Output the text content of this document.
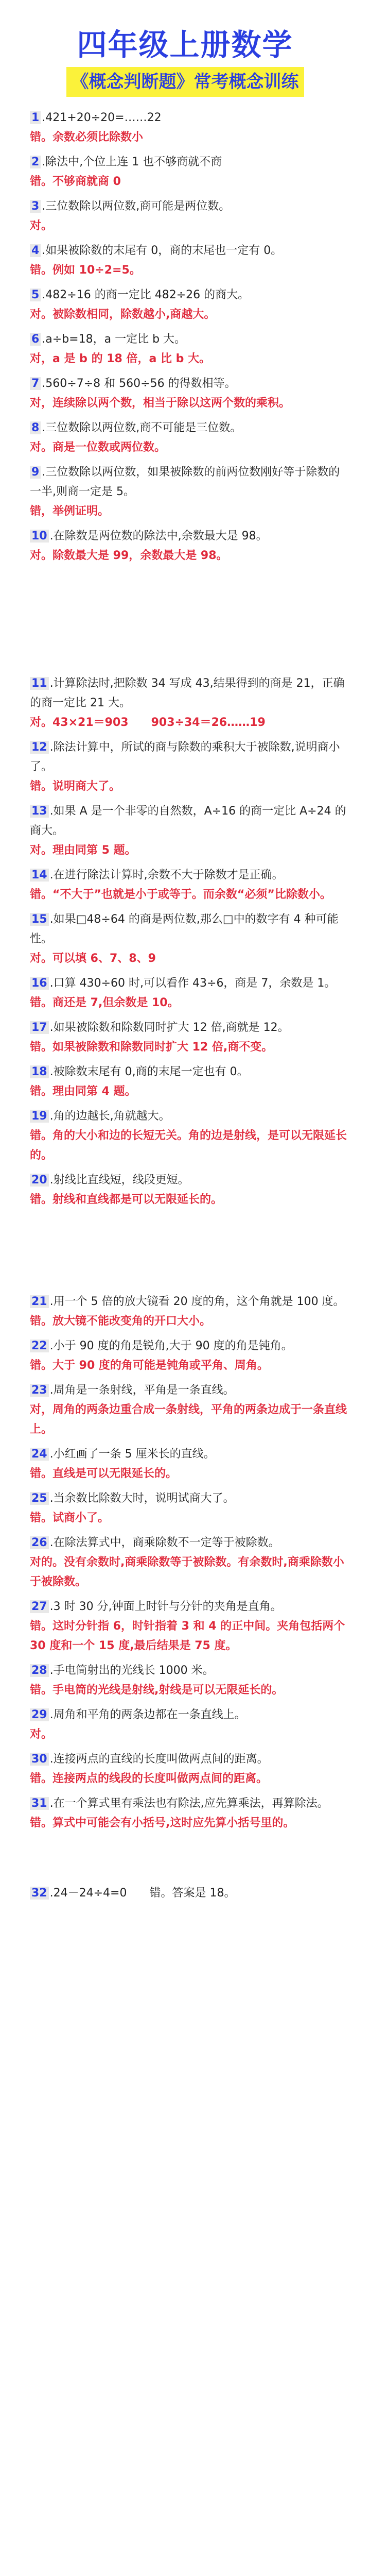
四年级上册数学
《概念判断题》常考概念训练

1 .421+20÷20=……22

错。余数必须比除数小

2 .除法中,个位上连 1 也不够商就不商

错。不够商就商 0

3 .三位数除以两位数,商可能是两位数。

对。

4 .如果被除数的末尾有 0，商的末尾也一定有 0。

错。例如 10÷2=5。

5 .482÷16 的商一定比 482÷26 的商大。

对。被除数相同，除数越小,商越大。

6 .a÷b=18，a 一定比 b 大。

对，a 是 b 的 18 倍，a 比 b 大。

7 .560÷7÷8 和 560÷56 的得数相等。

对，连续除以两个数，相当于除以这两个数的乘积。

8 .三位数除以两位数,商不可能是三位数。

对。商是一位数或两位数。

9 .三位数除以两位数，如果被除数的前两位数刚好等于除数的一半,则商一定是 5。

错，举例证明。

10 .在除数是两位数的除法中,余数最大是 98。

对。除数最大是 99，余数最大是 98。

11 .计算除法时,把除数 34 写成 43,结果得到的商是 21，正确的商一定比 21 大。

对。43×21＝903　　903÷34＝26……19

12 .除法计算中，所试的商与除数的乘积大于被除数,说明商小了。

错。说明商大了。

13 .如果 A 是一个非零的自然数，A÷16 的商一定比 A÷24 的商大。

对。理由同第 5 题。

14 .在进行除法计算时,余数不大于除数才是正确。

错。“不大于”也就是小于或等于。而余数“必须”比除数小。

15 .如果□48÷64 的商是两位数,那么□中的数字有 4 种可能性。

对。可以填 6、7、8、9

16 .口算 430÷60 时,可以看作 43÷6，商是 7，余数是 1。

错。商还是 7,但余数是 10。

17 .如果被除数和除数同时扩大 12 倍,商就是 12。

错。如果被除数和除数同时扩大 12 倍,商不变。

18 .被除数末尾有 0,商的末尾一定也有 0。

错。理由同第 4 题。

19 .角的边越长,角就越大。

错。角的大小和边的长短无关。角的边是射线，是可以无限延长的。

20 .射线比直线短，线段更短。

错。射线和直线都是可以无限延长的。

21 .用一个 5 倍的放大镜看 20 度的角，这个角就是 100 度。

错。放大镜不能改变角的开口大小。

22 .小于 90 度的角是锐角,大于 90 度的角是钝角。

错。大于 90 度的角可能是钝角或平角、周角。

23 .周角是一条射线，平角是一条直线。

对，周角的两条边重合成一条射线，平角的两条边成于一条直线上。

24 .小红画了一条 5 厘米长的直线。

错。直线是可以无限延长的。

25 .当余数比除数大时，说明试商大了。

错。试商小了。

26 .在除法算式中，商乘除数不一定等于被除数。

对的。没有余数时,商乘除数等于被除数。有余数时,商乘除数小于被除数。

27 .3 时 30 分,钟面上时针与分针的夹角是直角。

错。这时分针指 6，时针指着 3 和 4 的正中间。夹角包括两个 30 度和一个 15 度,最后结果是 75 度。

28 .手电筒射出的光线长 1000 米。

错。手电筒的光线是射线,射线是可以无限延长的。

29 .周角和平角的两条边都在一条直线上。

对。

30 .连接两点的直线的长度叫做两点间的距离。

错。连接两点的线段的长度叫做两点间的距离。

31 .在一个算式里有乘法也有除法,应先算乘法，再算除法。

错。算式中可能会有小括号,这时应先算小括号里的。

32 .24－24÷4=0　　错。答案是 18。
